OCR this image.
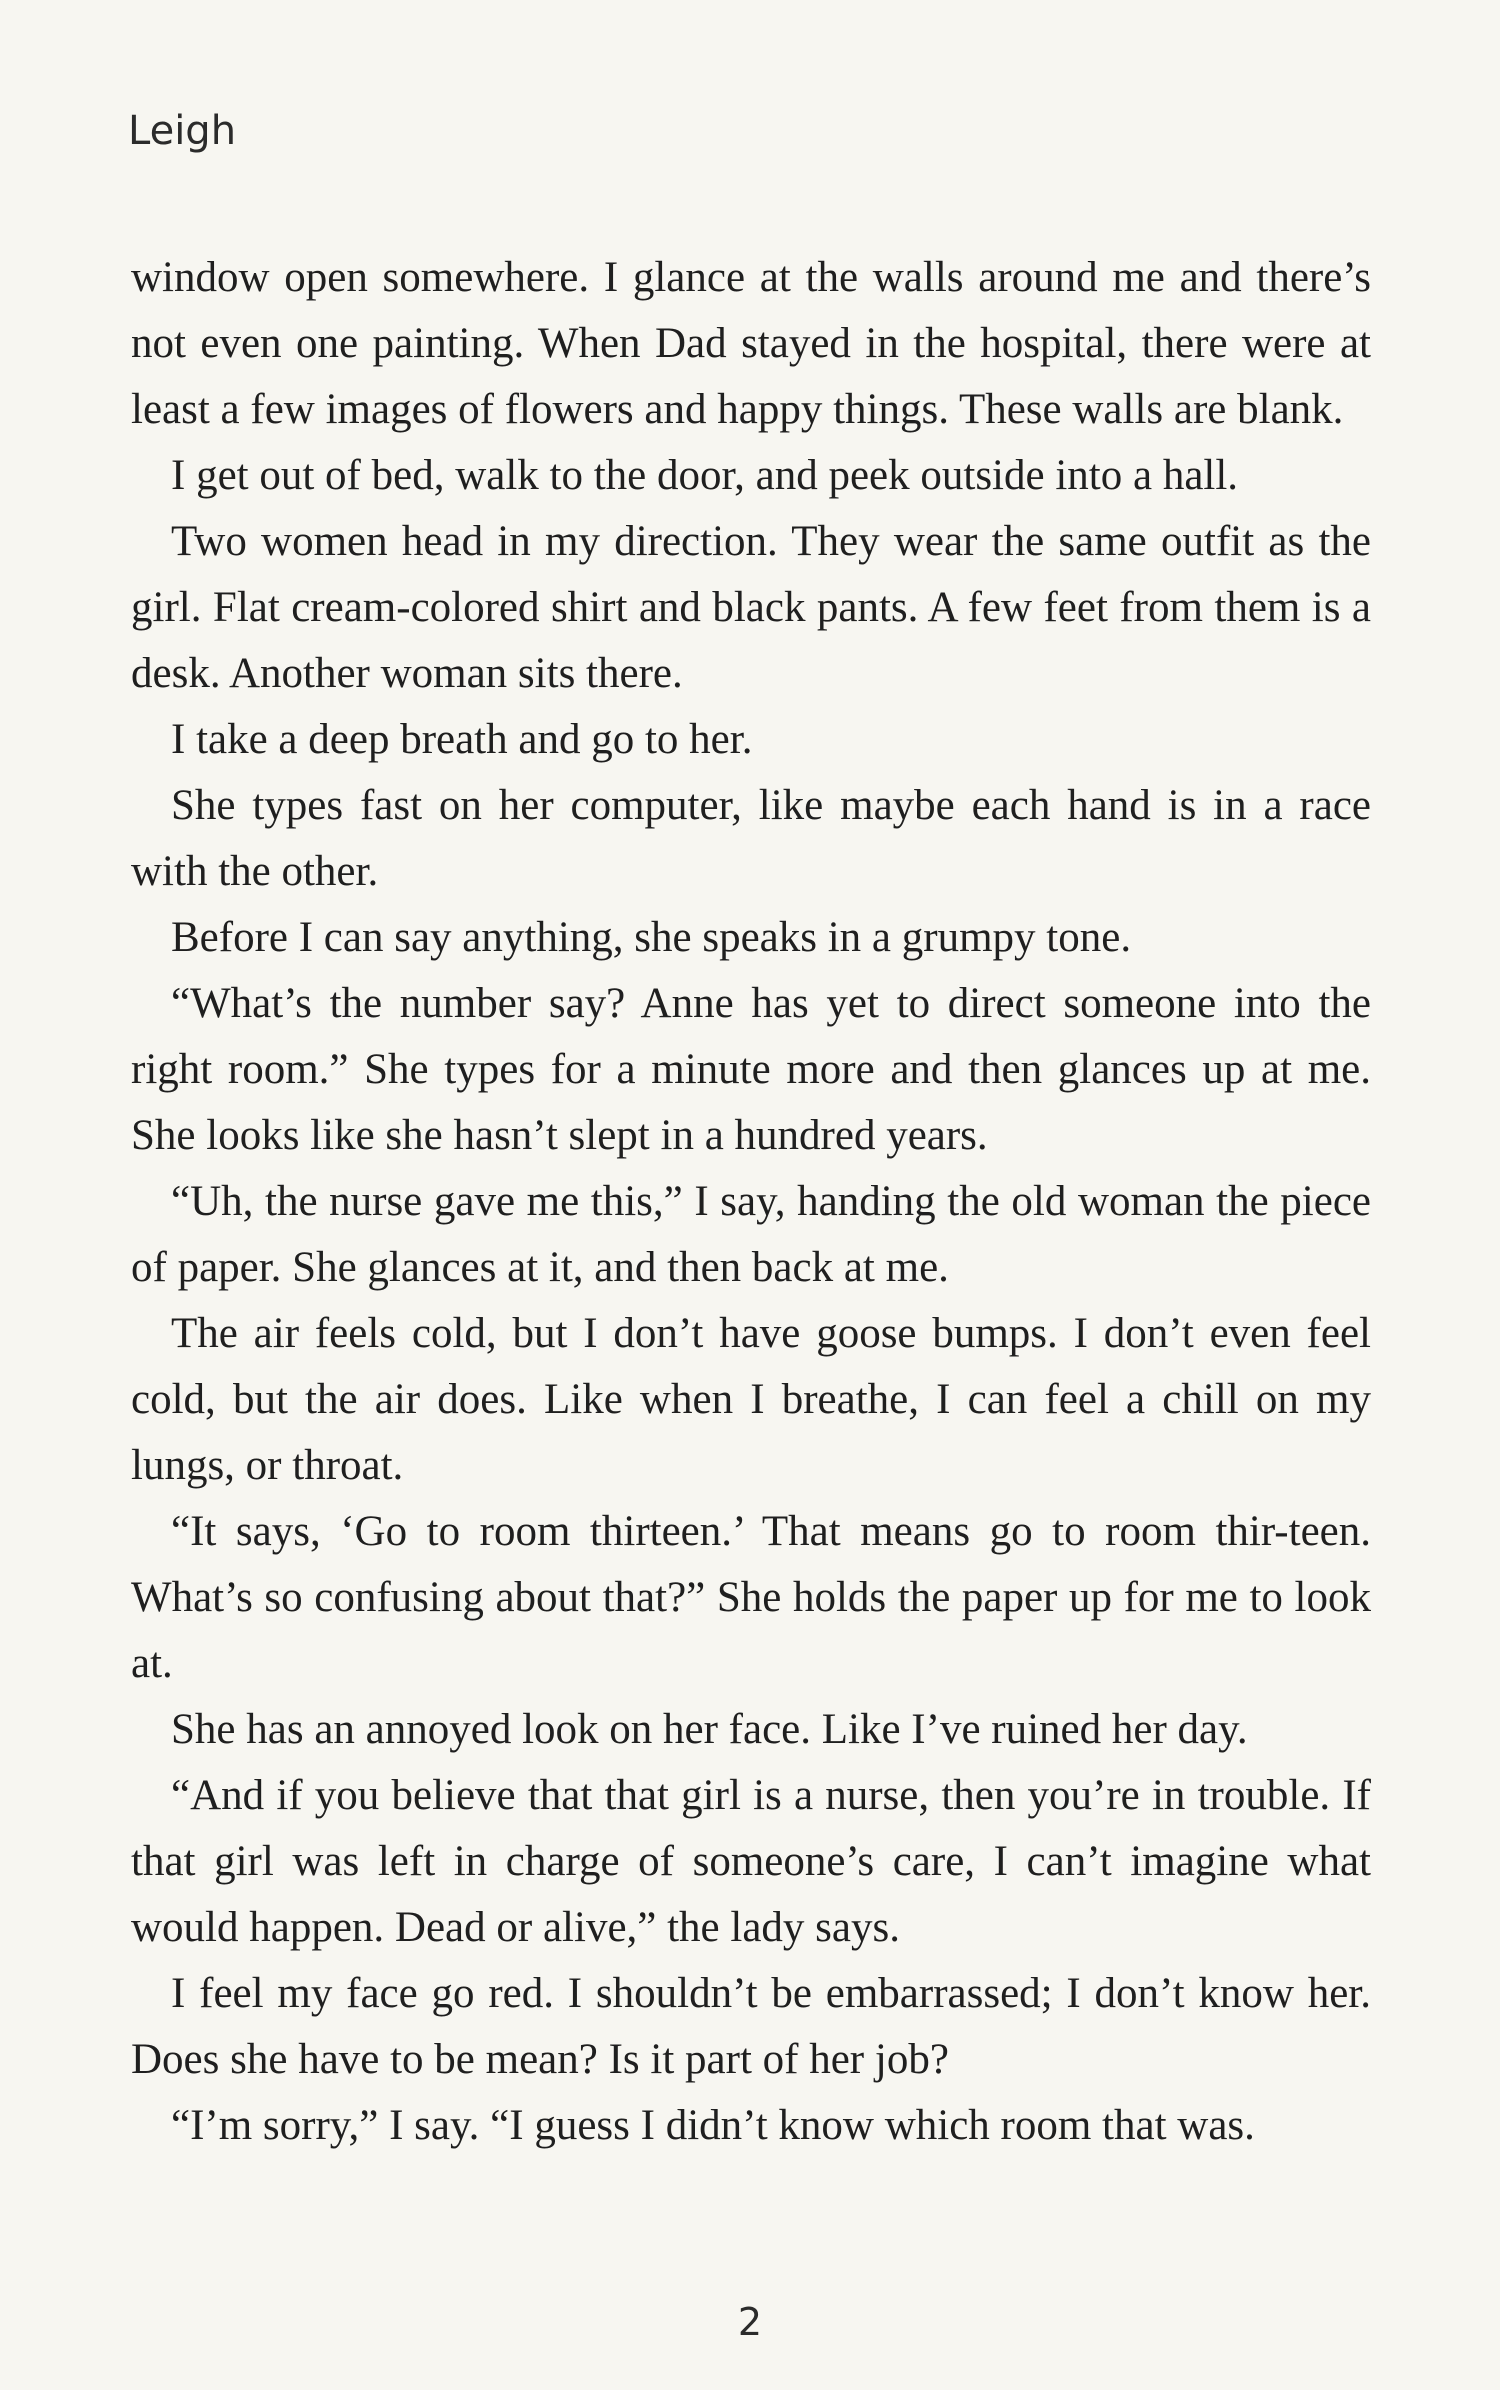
Leigh

window open somewhere. I glance at the walls around me and there’s not even one painting. When Dad stayed in the hospital, there were at least a few images of flowers and happy things. These walls are blank.

I get out of bed, walk to the door, and peek outside into a hall.

Two women head in my direction. They wear the same outfit as the girl. Flat cream-colored shirt and black pants. A few feet from them is a desk. Another woman sits there.

I take a deep breath and go to her.

She types fast on her computer, like maybe each hand is in a race with the other.

Before I can say anything, she speaks in a grumpy tone.

“What’s the number say? Anne has yet to direct someone into the right room.” She types for a minute more and then glances up at me. She looks like she hasn’t slept in a hundred years.

“Uh, the nurse gave me this,” I say, handing the old woman the piece of paper. She glances at it, and then back at me.

The air feels cold, but I don’t have goose bumps. I don’t even feel cold, but the air does. Like when I breathe, I can feel a chill on my lungs, or throat.

“It says, ‘Go to room thirteen.’ That means go to room thir-teen. What’s so confusing about that?” She holds the paper up for me to look at.

She has an annoyed look on her face. Like I’ve ruined her day.

“And if you believe that that girl is a nurse, then you’re in trouble. If that girl was left in charge of someone’s care, I can’t imagine what would happen. Dead or alive,” the lady says.

I feel my face go red. I shouldn’t be embarrassed; I don’t know her. Does she have to be mean? Is it part of her job?

“I’m sorry,” I say. “I guess I didn’t know which room that was.

2
